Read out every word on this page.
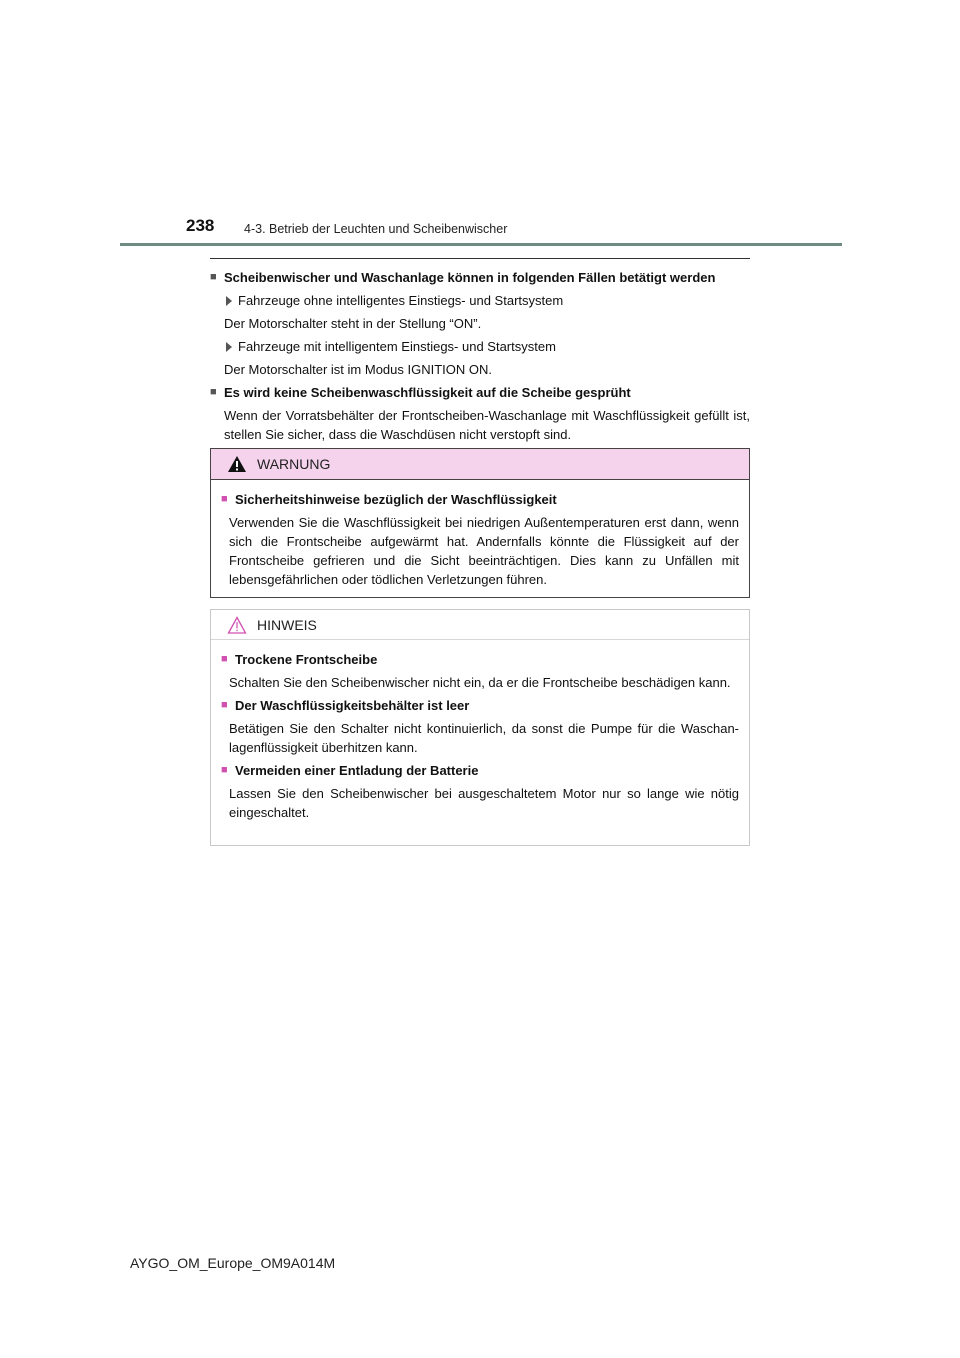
238 4-3. Betrieb der Leuchten und Scheibenwischer
■ Scheibenwischer und Waschanlage können in folgenden Fällen betätigt werden
Fahrzeuge ohne intelligentes Einstiegs- und Startsystem
Der Motorschalter steht in der Stellung “ON”.
Fahrzeuge mit intelligentem Einstiegs- und Startsystem
Der Motorschalter ist im Modus IGNITION ON.
■ Es wird keine Scheibenwaschflüssigkeit auf die Scheibe gesprüht
Wenn der Vorratsbehälter der Frontscheiben-Waschanlage mit Waschflüssigkeit gefüllt ist, stellen Sie sicher, dass die Waschdüsen nicht verstopft sind.
WARNUNG
■ Sicherheitshinweise bezüglich der Waschflüssigkeit
Verwenden Sie die Waschflüssigkeit bei niedrigen Außentemperaturen erst dann, wenn sich die Frontscheibe aufgewärmt hat. Andernfalls könnte die Flüssigkeit auf der Frontscheibe gefrieren und die Sicht beeinträchtigen. Dies kann zu Unfällen mit lebensgefährlichen oder tödlichen Verletzungen führen.
HINWEIS
■ Trockene Frontscheibe
Schalten Sie den Scheibenwischer nicht ein, da er die Frontscheibe beschädigen kann.
■ Der Waschflüssigkeitsbehälter ist leer
Betätigen Sie den Schalter nicht kontinuierlich, da sonst die Pumpe für die Waschan-lagenflüssigkeit überhitzen kann.
■ Vermeiden einer Entladung der Batterie
Lassen Sie den Scheibenwischer bei ausgeschaltetem Motor nur so lange wie nötig eingeschaltet.
AYGO_OM_Europe_OM9A014M
